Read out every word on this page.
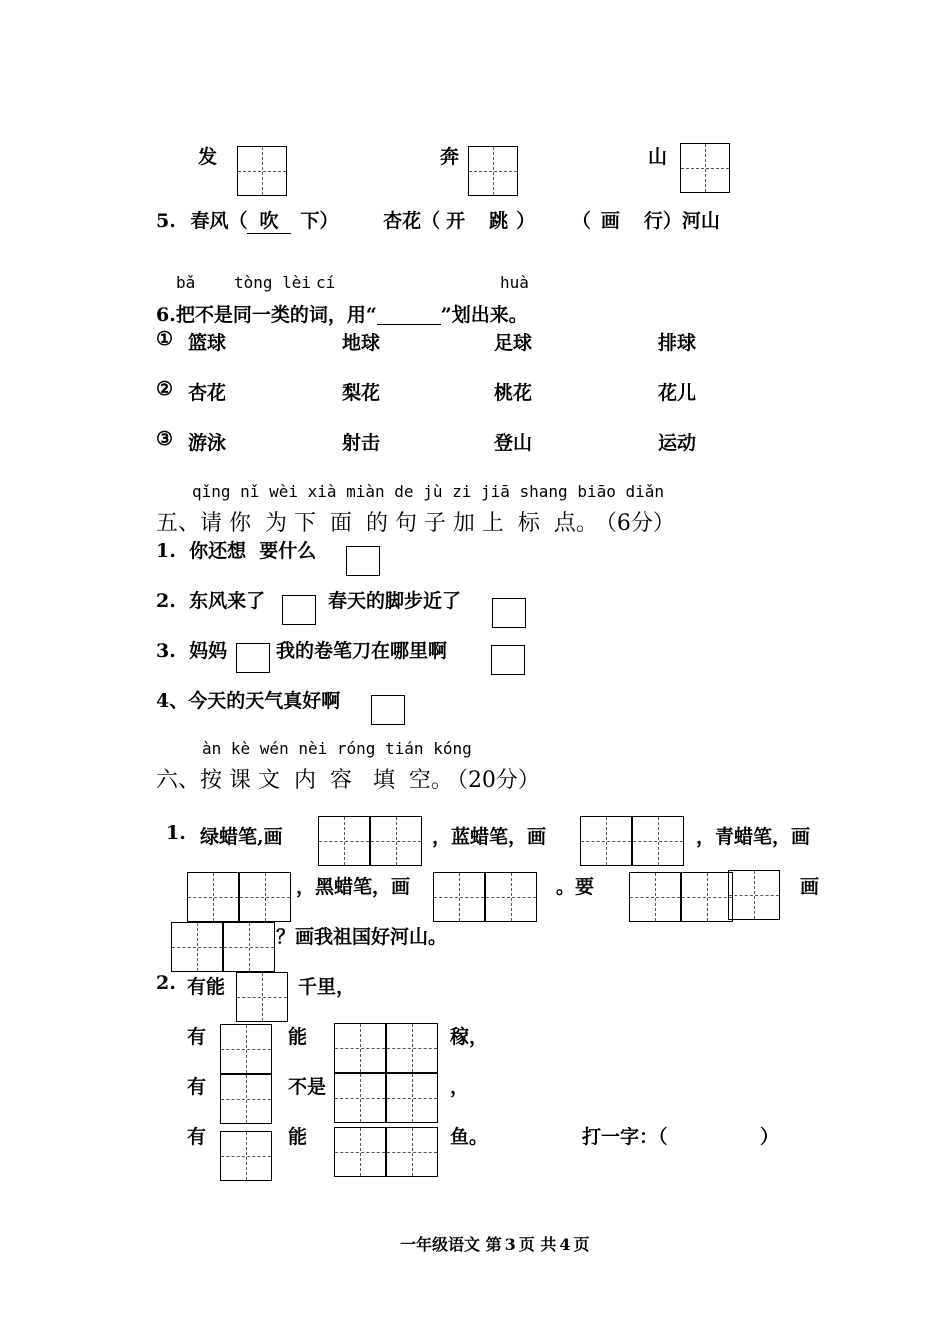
发	奔	山
5. 春风（ 吹 下） 杏花（ 开 跳 ） （ 画 行）河山
bǎ tòng lèi cí	huà
6.把不是同一类的词，用“	”划出来。
① 篮球	地球	足球	排球
② 杏花	梨花	桃花	花儿
③ 游泳	射击	登山	运动
qǐng nǐ wèi xià miàn de jù zi jiā shang biāo diǎn
五、请 你  为 下  面  的 句 子 加 上  标  点。 （6分）
1.  你还想  要什么
2.  东风来了	春天的脚步近了
3.  妈妈	我的卷笔刀在哪里啊
4、今天的天气真好啊
àn kè wén nèi róng tián kóng
六、按 课 文  内  容   填  空。 （20分）
1. 绿蜡笔,画	，蓝蜡笔，画	，青蜡笔，画
，黑蜡笔，画	。要	画
？画我祖国好河山。
2. 有能	千里，
有	能	稼，
有	不是	，
有	能	鱼。	打一字：（	）
一年级语文 第 3 页 共 4 页
